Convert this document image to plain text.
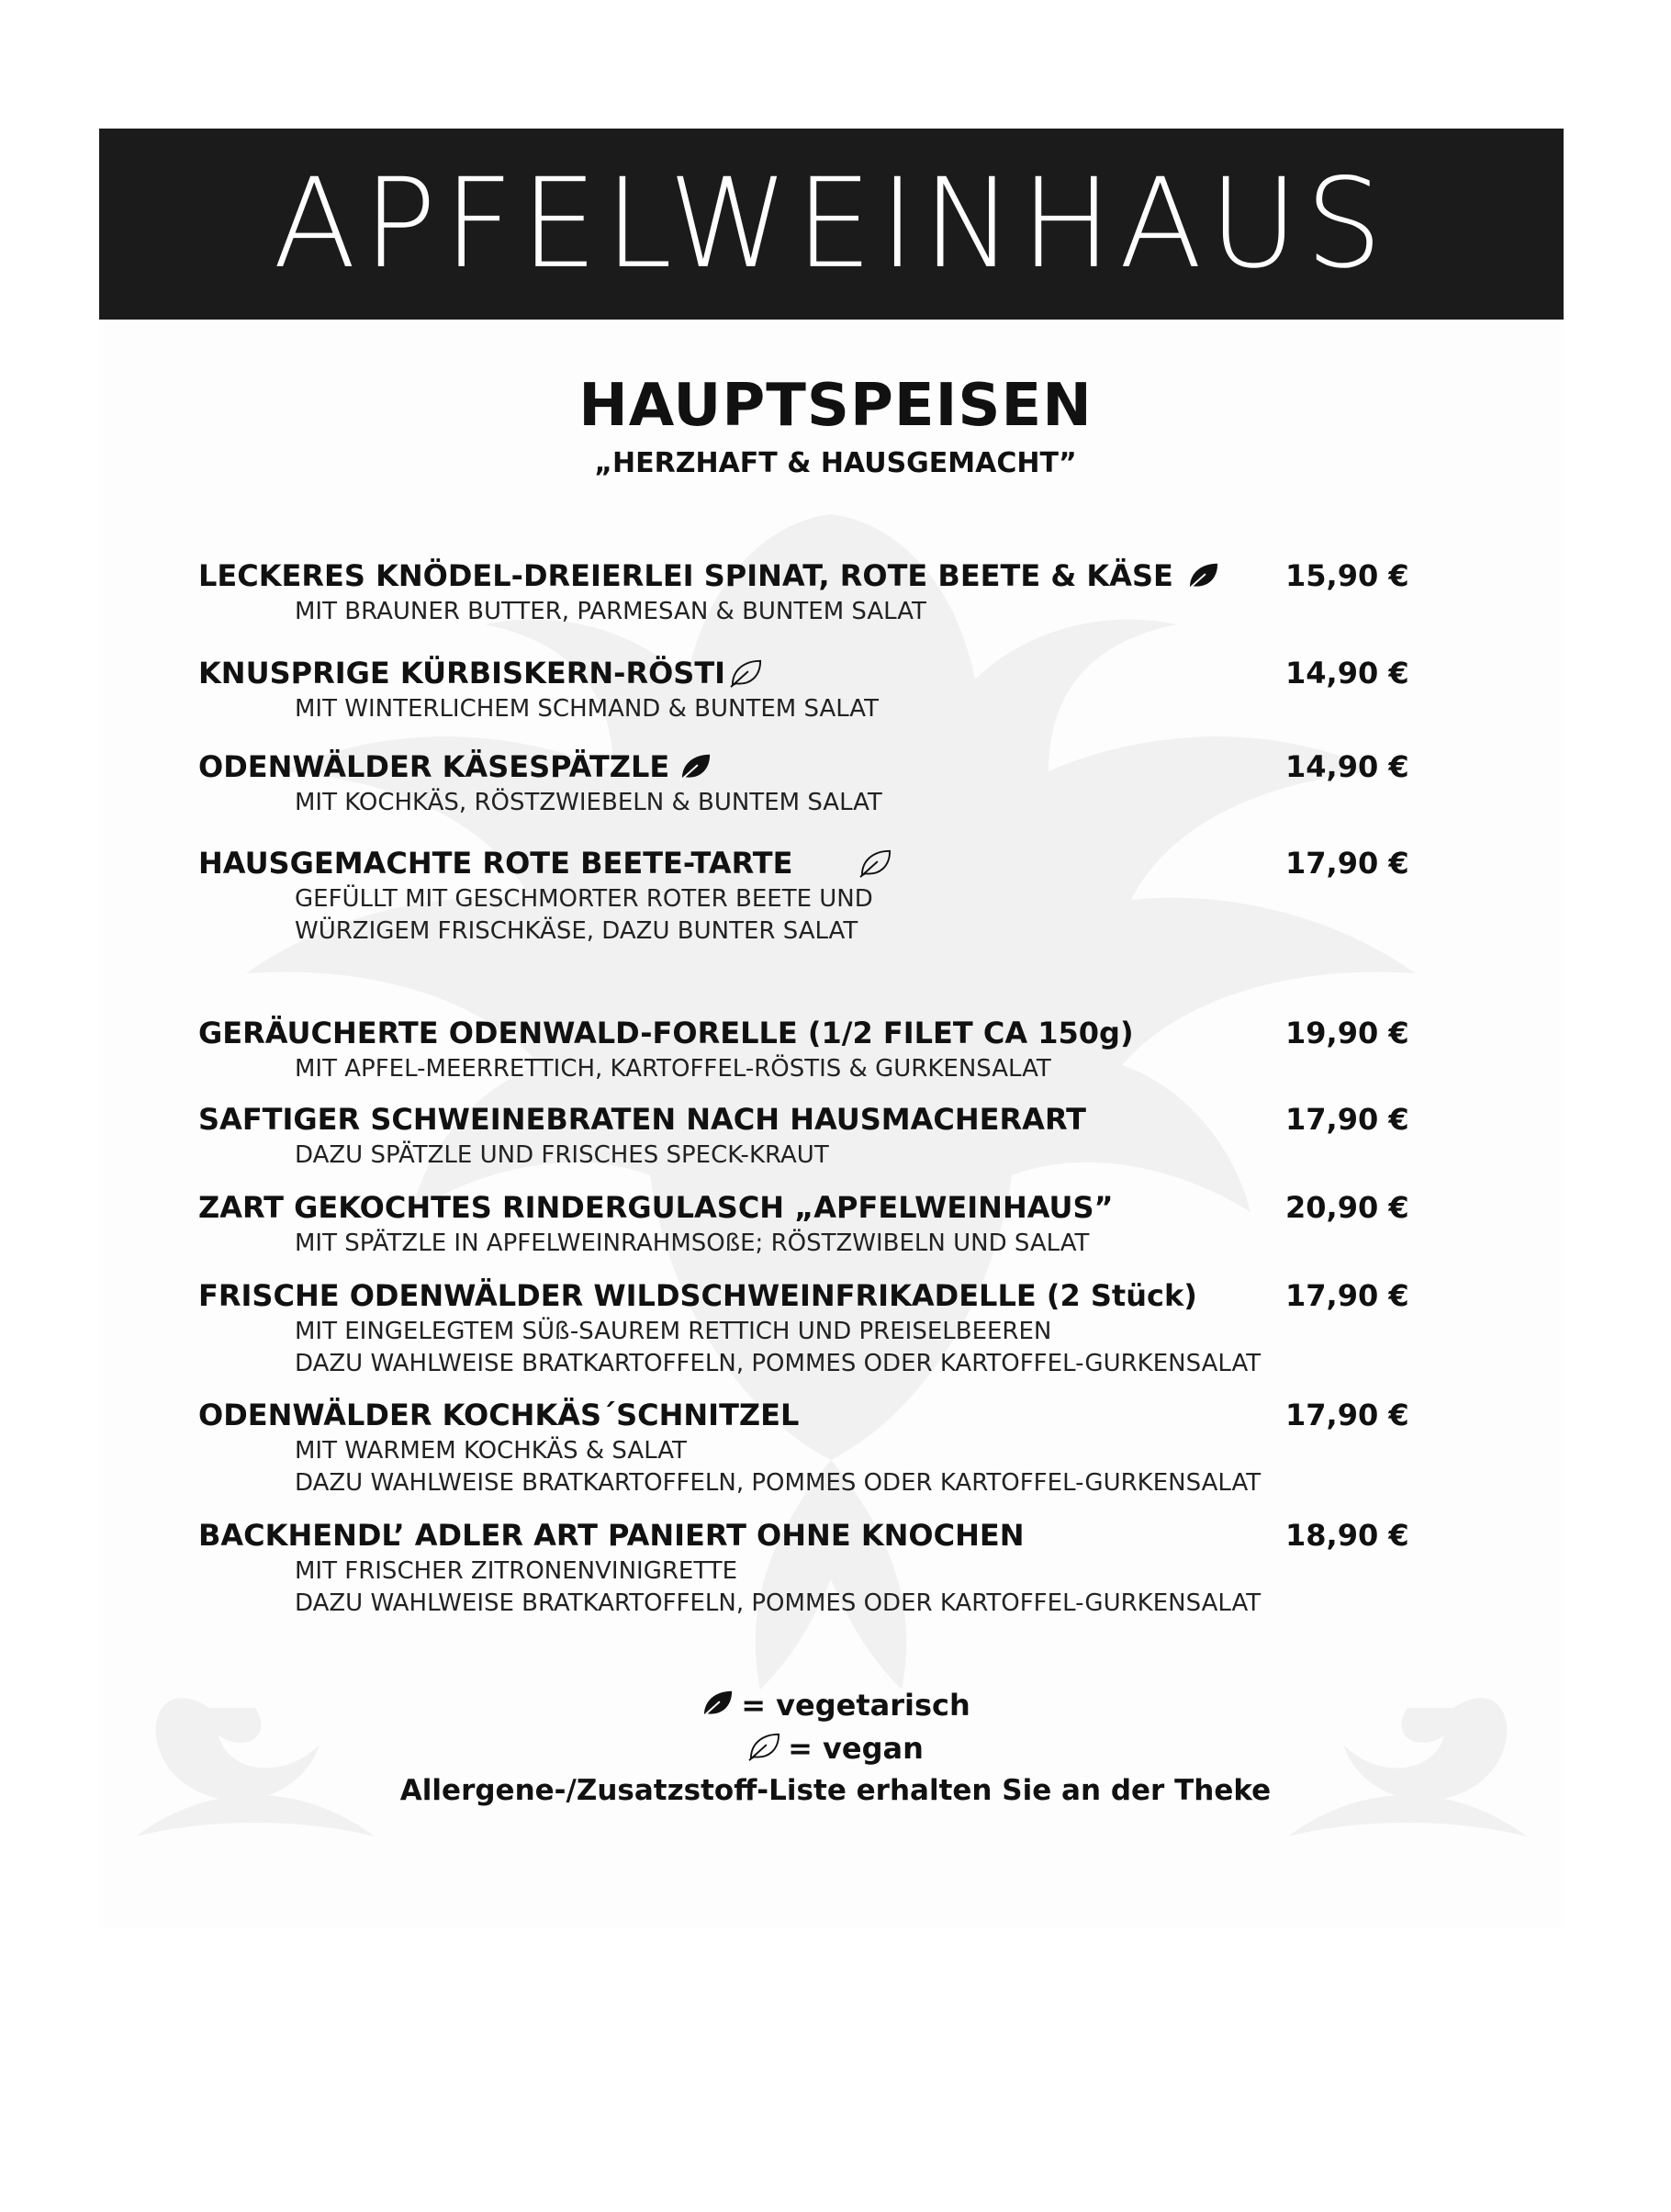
APFELWEINHAUS
HAUPTSPEISEN
„HERZHAFT & HAUSGEMACHT”
LECKERES KNÖDEL-DREIERLEI SPINAT, ROTE BEETE & KÄSE	15,90 €
MIT BRAUNER BUTTER, PARMESAN & BUNTEM SALAT
KNUSPRIGE KÜRBISKERN-RÖSTI	14,90 €
MIT WINTERLICHEM SCHMAND & BUNTEM SALAT
ODENWÄLDER KÄSESPÄTZLE	14,90 €
MIT KOCHKÄS, RÖSTZWIEBELN & BUNTEM SALAT
HAUSGEMACHTE ROTE BEETE-TARTE	17,90 €
GEFÜLLT MIT GESCHMORTER ROTER BEETE UND
WÜRZIGEM FRISCHKÄSE, DAZU BUNTER SALAT
GERÄUCHERTE ODENWALD-FORELLE (1/2 FILET CA 150g)	19,90 €
MIT APFEL-MEERRETTICH, KARTOFFEL-RÖSTIS & GURKENSALAT
SAFTIGER SCHWEINEBRATEN NACH HAUSMACHERART	17,90 €
DAZU SPÄTZLE UND FRISCHES SPECK-KRAUT
ZART GEKOCHTES RINDERGULASCH „APFELWEINHAUS”	20,90 €
MIT SPÄTZLE IN APFELWEINRAHMSOßE; RÖSTZWIBELN UND SALAT
FRISCHE ODENWÄLDER WILDSCHWEINFRIKADELLE (2 Stück)	17,90 €
MIT EINGELEGTEM SÜß-SAUREM RETTICH UND PREISELBEEREN
DAZU WAHLWEISE BRATKARTOFFELN, POMMES ODER KARTOFFEL-GURKENSALAT
ODENWÄLDER KOCHKÄS´SCHNITZEL	17,90 €
MIT WARMEM KOCHKÄS & SALAT
DAZU WAHLWEISE BRATKARTOFFELN, POMMES ODER KARTOFFEL-GURKENSALAT
BACKHENDL’ ADLER ART PANIERT OHNE KNOCHEN	18,90 €
MIT FRISCHER ZITRONENVINIGRETTE
DAZU WAHLWEISE BRATKARTOFFELN, POMMES ODER KARTOFFEL-GURKENSALAT
= vegetarisch
= vegan
Allergene-/Zusatzstoff-Liste erhalten Sie an der Theke
